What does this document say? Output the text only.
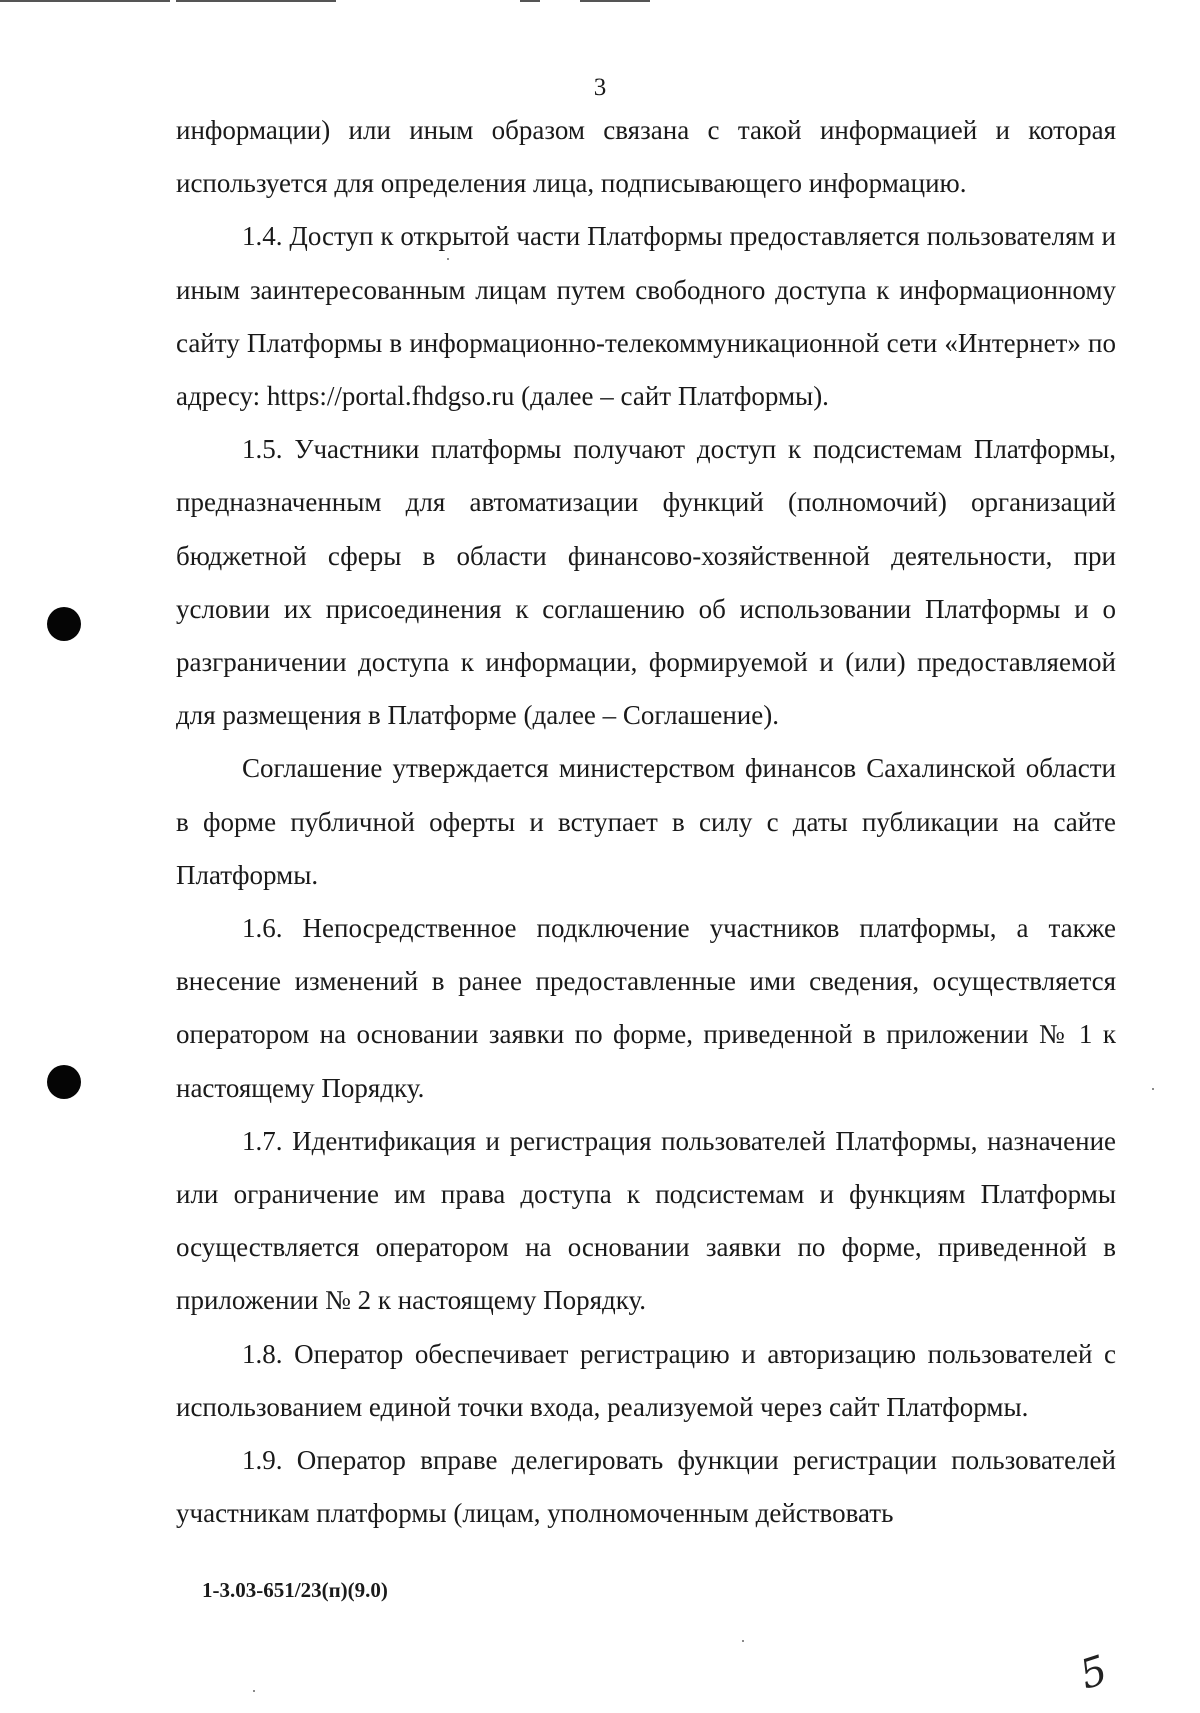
3

информации) или иным образом связана с такой информацией и которая используется для определения лица, подписывающего информацию.

1.4. Доступ к открытой части Платформы предоставляется пользователям и иным заинтересованным лицам путем свободного доступа к информационному сайту Платформы в информационно-телекоммуникационной сети «Интернет» по адресу: https://portal.fhdgso.ru (далее – сайт Платформы).

1.5. Участники платформы получают доступ к подсистемам Платформы, предназначенным для автоматизации функций (полномочий) организаций бюджетной сферы в области финансово-хозяйственной деятельности, при условии их присоединения к соглашению об использовании Платформы и о разграничении доступа к информации, формируемой и (или) предоставляемой для размещения в Платформе (далее – Соглашение).

Соглашение утверждается министерством финансов Сахалинской области в форме публичной оферты и вступает в силу с даты публикации на сайте Платформы.

1.6. Непосредственное подключение участников платформы, а также внесение изменений в ранее предоставленные ими сведения, осуществляется оператором на основании заявки по форме, приведенной в приложении № 1 к настоящему Порядку.

1.7. Идентификация и регистрация пользователей Платформы, назначение или ограничение им права доступа к подсистемам и функциям Платформы осуществляется оператором на основании заявки по форме, приведенной в приложении № 2 к настоящему Порядку.

1.8. Оператор обеспечивает регистрацию и авторизацию пользователей с использованием единой точки входа, реализуемой через сайт Платформы.

1.9. Оператор вправе делегировать функции регистрации пользователей участникам платформы (лицам, уполномоченным действовать

1-3.03-651/23(п)(9.0)
5
